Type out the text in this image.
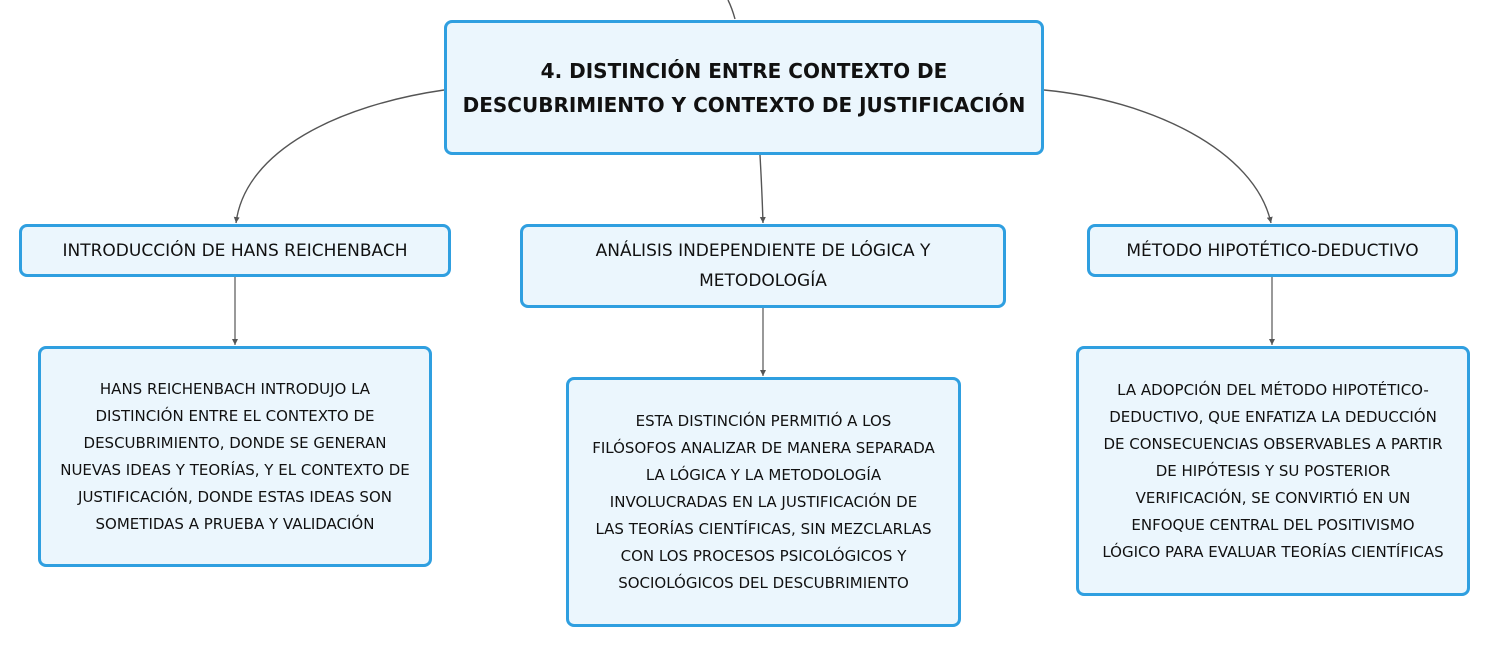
4. DISTINCIÓN ENTRE CONTEXTO DE
DESCUBRIMIENTO Y CONTEXTO DE JUSTIFICACIÓN
INTRODUCCIÓN DE HANS REICHENBACH	ANÁLISIS INDEPENDIENTE DE LÓGICA Y
METODOLOGÍA
MÉTODO HIPOTÉTICO-DEDUCTIVO
HANS REICHENBACH INTRODUJO LA
DISTINCIÓN ENTRE EL CONTEXTO DE
DESCUBRIMIENTO, DONDE SE GENERAN
NUEVAS IDEAS Y TEORÍAS, Y EL CONTEXTO DE
JUSTIFICACIÓN, DONDE ESTAS IDEAS SON
SOMETIDAS A PRUEBA Y VALIDACIÓN
ESTA DISTINCIÓN PERMITIÓ A LOS
FILÓSOFOS ANALIZAR DE MANERA SEPARADA
LA LÓGICA Y LA METODOLOGÍA
INVOLUCRADAS EN LA JUSTIFICACIÓN DE
LAS TEORÍAS CIENTÍFICAS, SIN MEZCLARLAS
CON LOS PROCESOS PSICOLÓGICOS Y
SOCIOLÓGICOS DEL DESCUBRIMIENTO
LA ADOPCIÓN DEL MÉTODO HIPOTÉTICO-
DEDUCTIVO, QUE ENFATIZA LA DEDUCCIÓN
DE CONSECUENCIAS OBSERVABLES A PARTIR
DE HIPÓTESIS Y SU POSTERIOR
VERIFICACIÓN, SE CONVIRTIÓ EN UN
ENFOQUE CENTRAL DEL POSITIVISMO
LÓGICO PARA EVALUAR TEORÍAS CIENTÍFICAS
